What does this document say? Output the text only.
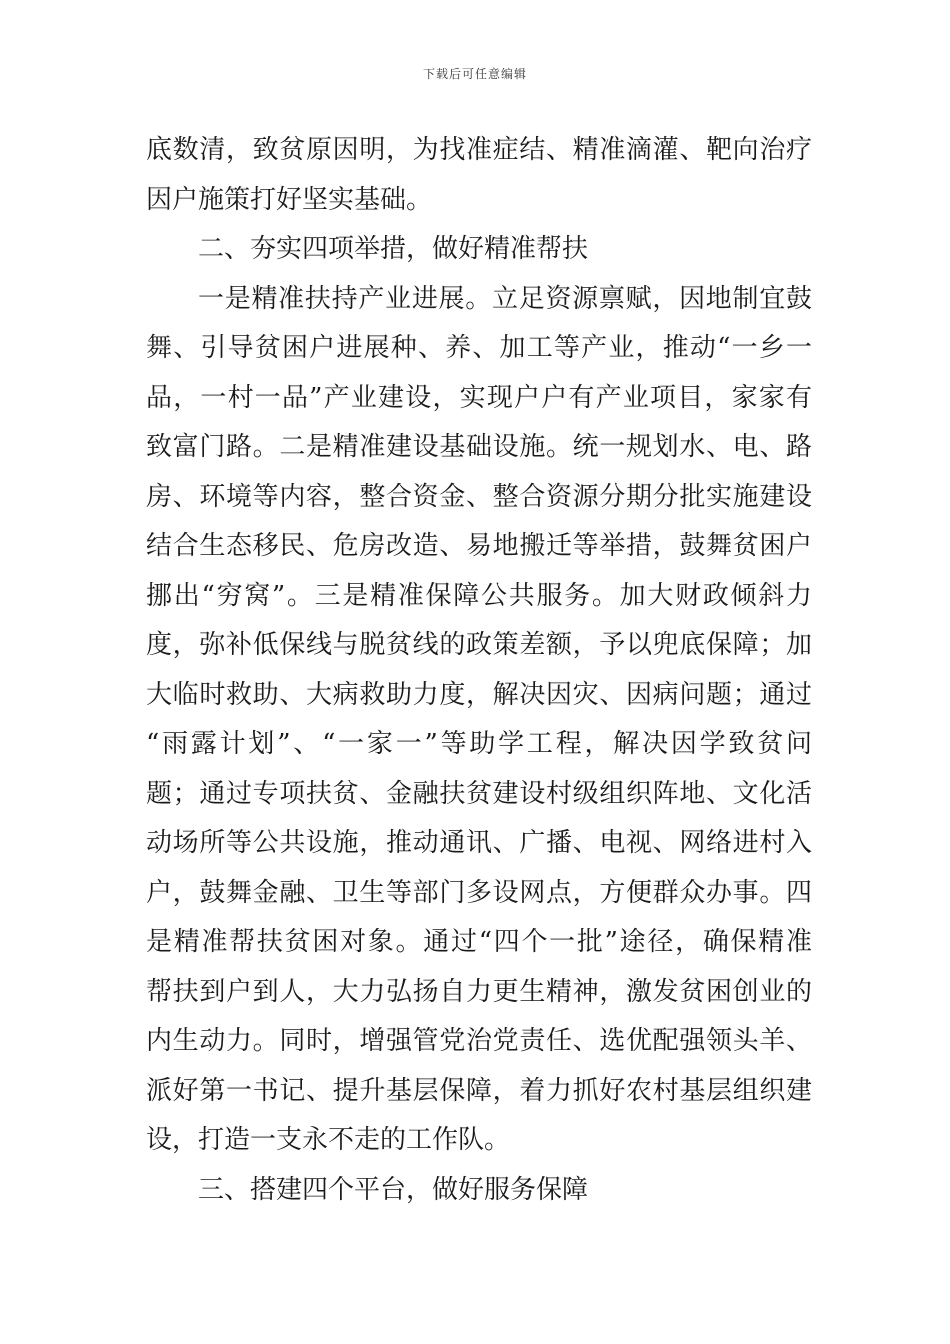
下载后可任意编辑
底数清，致贫原因明，为找准症结、精准滴灌、靶向治疗
因户施策打好坚实基础。
二、夯实四项举措，做好精准帮扶
一是精准扶持产业进展。立足资源禀赋，因地制宜鼓
舞、引导贫困户进展种、养、加工等产业，推动“一乡一
品，一村一品”产业建设，实现户户有产业项目，家家有
致富门路。二是精准建设基础设施。统一规划水、电、路
房、环境等内容，整合资金、整合资源分期分批实施建设
结合生态移民、危房改造、易地搬迁等举措，鼓舞贫困户
挪出“穷窝”。三是精准保障公共服务。加大财政倾斜力
度，弥补低保线与脱贫线的政策差额，予以兜底保障；加
大临时救助、大病救助力度，解决因灾、因病问题；通过
“雨露计划”、“一家一”等助学工程，解决因学致贫问
题；通过专项扶贫、金融扶贫建设村级组织阵地、文化活
动场所等公共设施，推动通讯、广播、电视、网络进村入
户，鼓舞金融、卫生等部门多设网点，方便群众办事。四
是精准帮扶贫困对象。通过“四个一批”途径，确保精准
帮扶到户到人，大力弘扬自力更生精神，激发贫困创业的
内生动力。同时，增强管党治党责任、选优配强领头羊、
派好第一书记、提升基层保障，着力抓好农村基层组织建
设，打造一支永不走的工作队。
三、搭建四个平台，做好服务保障
